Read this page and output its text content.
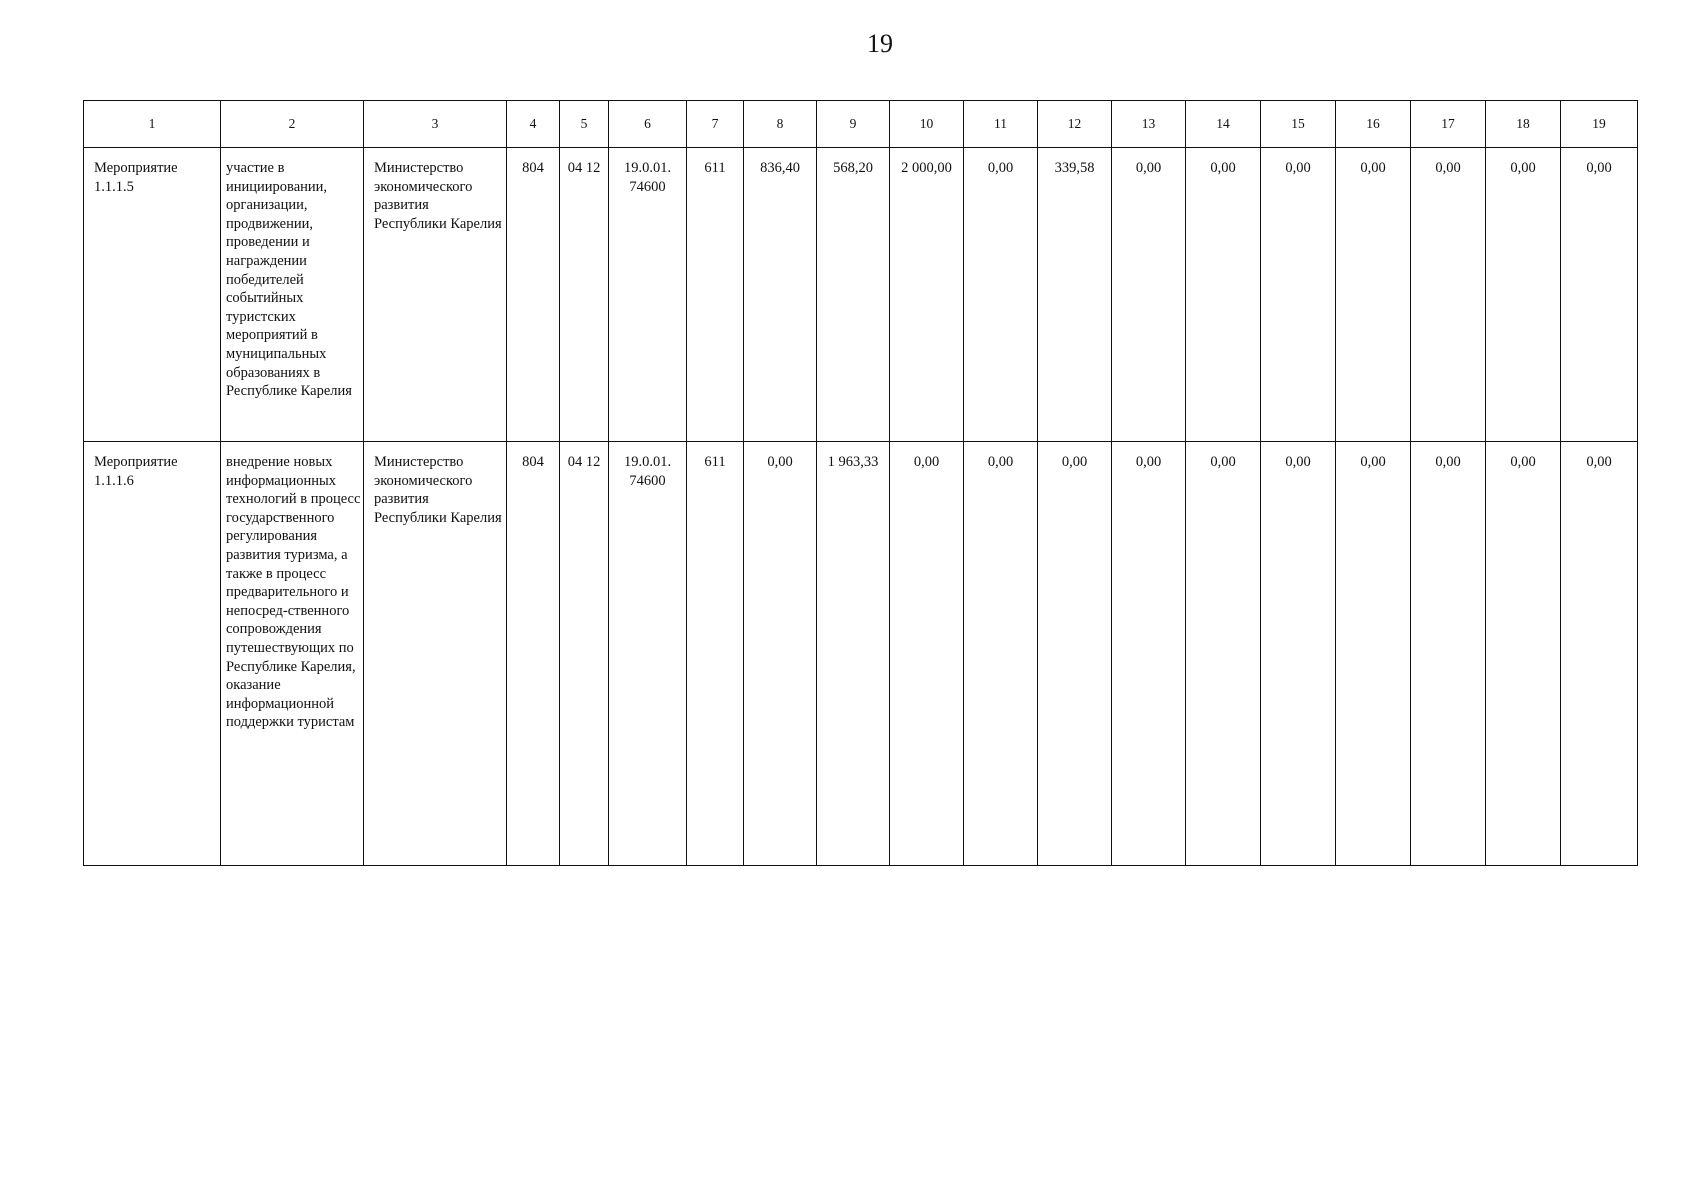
19
1	2	3	4	5	6	7	8	9	10	11	12	13	14	15	16	17	18	19
Мероприятие 1.1.1.5	участие в инициировании, организации, продвижении, проведении и награждении победителей событийных туристских мероприятий в муниципальных образованиях в Республике Карелия	Министерство экономического развития Республики Карелия	804	04 12	19.0.01. 74600	611	836,40	568,20	2 000,00	0,00	339,58	0,00	0,00	0,00	0,00	0,00	0,00	0,00
Мероприятие 1.1.1.6	внедрение новых информационных технологий в процесс государственного регулирования развития туризма, а также в процесс предварительного и непосред-ственного сопровождения путешествующих по Республике Карелия, оказание информационной поддержки туристам	Министерство экономического развития Республики Карелия	804	04 12	19.0.01. 74600	611	0,00	1 963,33	0,00	0,00	0,00	0,00	0,00	0,00	0,00	0,00	0,00	0,00
